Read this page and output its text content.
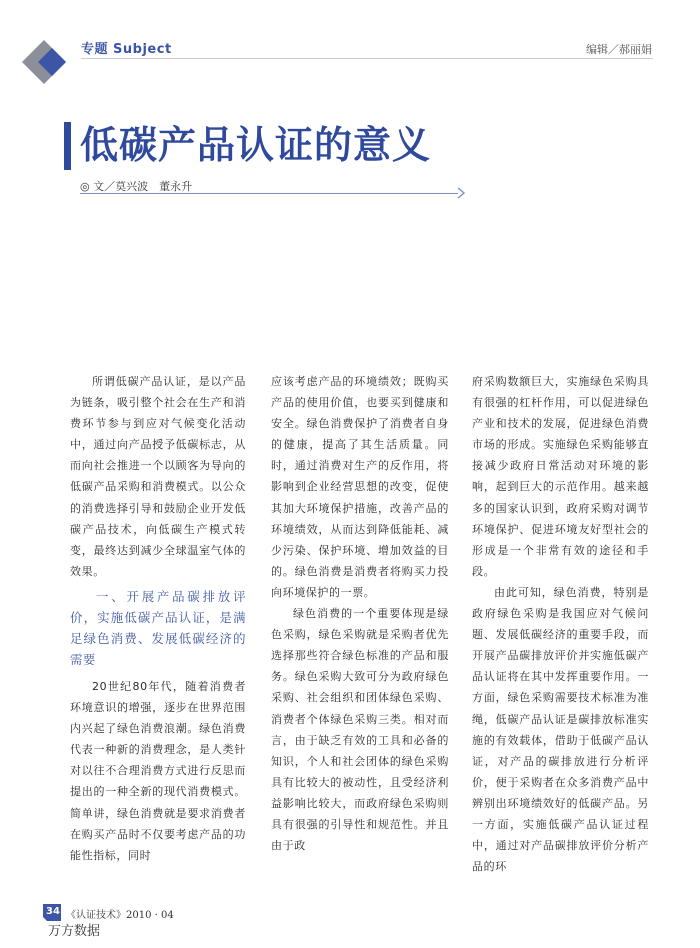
专题 Subject	编辑／郝丽娟
低碳产品认证的意义
◎ 文／莫兴波　董永升

所谓低碳产品认证，是以产品为链条，吸引整个社会在生产和消费环节参与到应对气候变化活动中，通过向产品授予低碳标志，从而向社会推进一个以顾客为导向的低碳产品采购和消费模式。以公众的消费选择引导和鼓励企业开发低碳产品技术，向低碳生产模式转变，最终达到减少全球温室气体的效果。

一、开展产品碳排放评价，实施低碳产品认证，是满足绿色消费、发展低碳经济的需要

20世纪80年代，随着消费者环境意识的增强，逐步在世界范围内兴起了绿色消费浪潮。绿色消费代表一种新的消费理念，是人类针对以往不合理消费方式进行反思而提出的一种全新的现代消费模式。简单讲，绿色消费就是要求消费者在购买产品时不仅要考虑产品的功能性指标，同时

应该考虑产品的环境绩效；既购买产品的使用价值，也要买到健康和安全。绿色消费保护了消费者自身的健康，提高了其生活质量。同时，通过消费对生产的反作用，将影响到企业经营思想的改变，促使其加大环境保护措施，改善产品的环境绩效，从而达到降低能耗、减少污染、保护环境、增加效益的目的。绿色消费是消费者将购买力投向环境保护的一票。

绿色消费的一个重要体现是绿色采购，绿色采购就是采购者优先选择那些符合绿色标准的产品和服务。绿色采购大致可分为政府绿色采购、社会组织和团体绿色采购、消费者个体绿色采购三类。相对而言，由于缺乏有效的工具和必备的知识，个人和社会团体的绿色采购具有比较大的被动性，且受经济利益影响比较大，而政府绿色采购则具有很强的引导性和规范性。并且由于政

府采购数额巨大，实施绿色采购具有很强的杠杆作用，可以促进绿色产业和技术的发展，促进绿色消费市场的形成。实施绿色采购能够直接减少政府日常活动对环境的影响，起到巨大的示范作用。越来越多的国家认识到，政府采购对调节环境保护、促进环境友好型社会的形成是一个非常有效的途径和手段。

由此可知，绿色消费，特别是政府绿色采购是我国应对气候问题、发展低碳经济的重要手段，而开展产品碳排放评价并实施低碳产品认证将在其中发挥重要作用。一方面，绿色采购需要技术标准为准绳，低碳产品认证是碳排放标准实施的有效载体，借助于低碳产品认证，对产品的碳排放进行分析评价，便于采购者在众多消费产品中辨别出环境绩效好的低碳产品。另一方面，实施低碳产品认证过程中，通过对产品碳排放评价分析产品的环

34 《认证技术》2010 · 04
万方数据
